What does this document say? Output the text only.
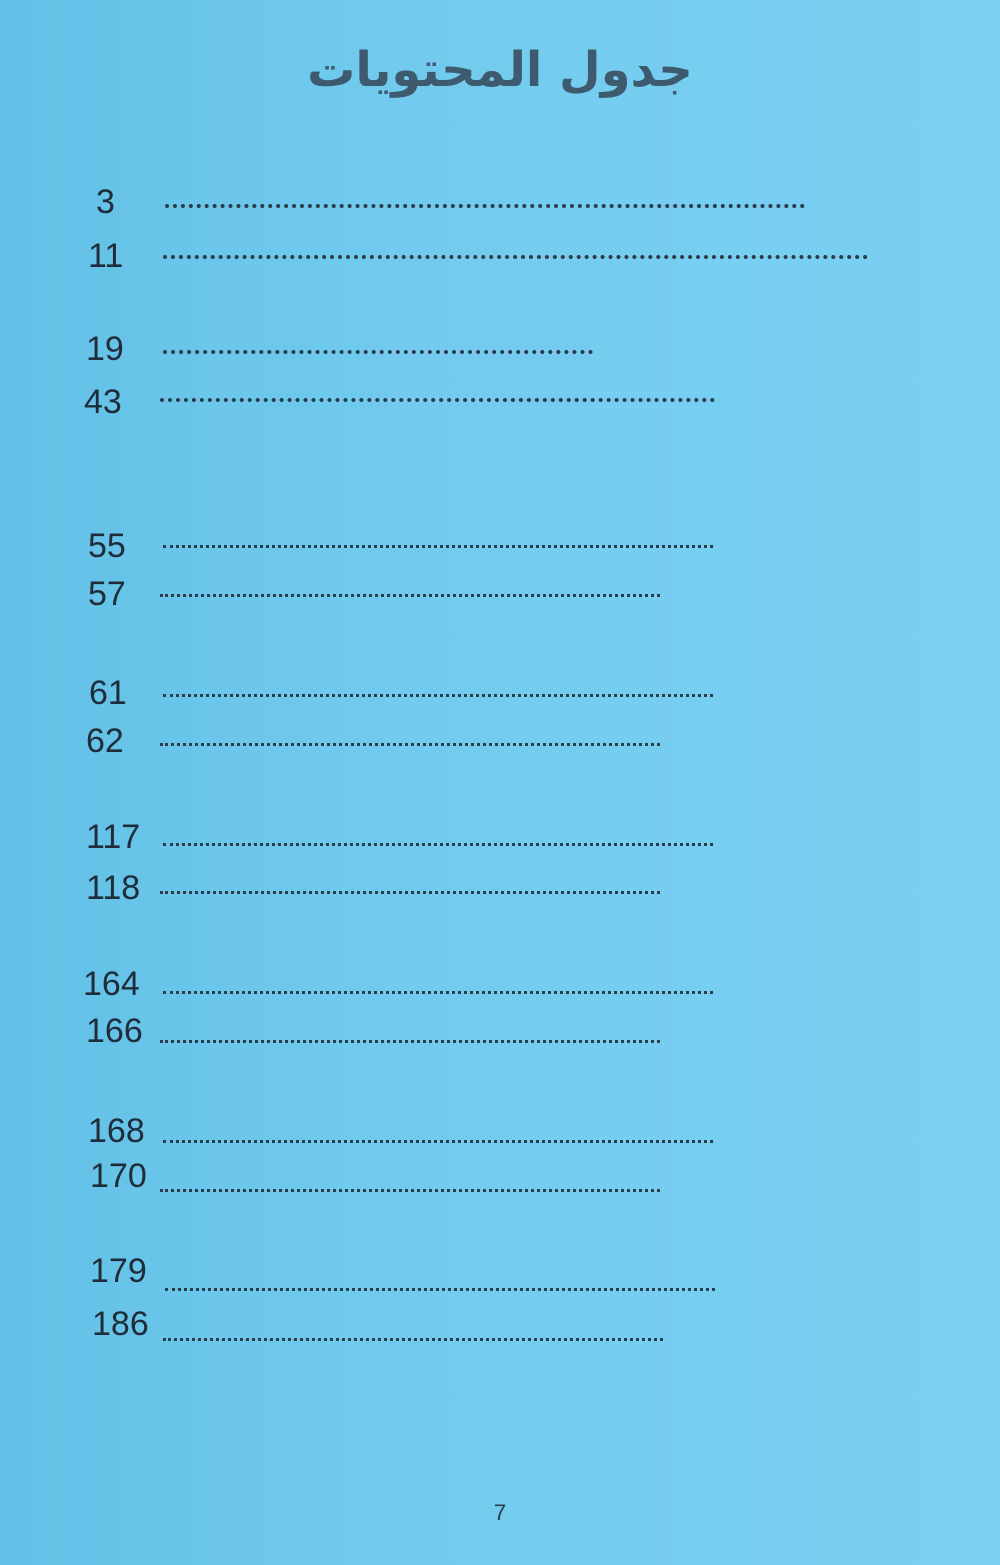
جدول المحتويات
3
11
19
43
55
57
61
62
117
118
164
166
168
170
179
186
7
